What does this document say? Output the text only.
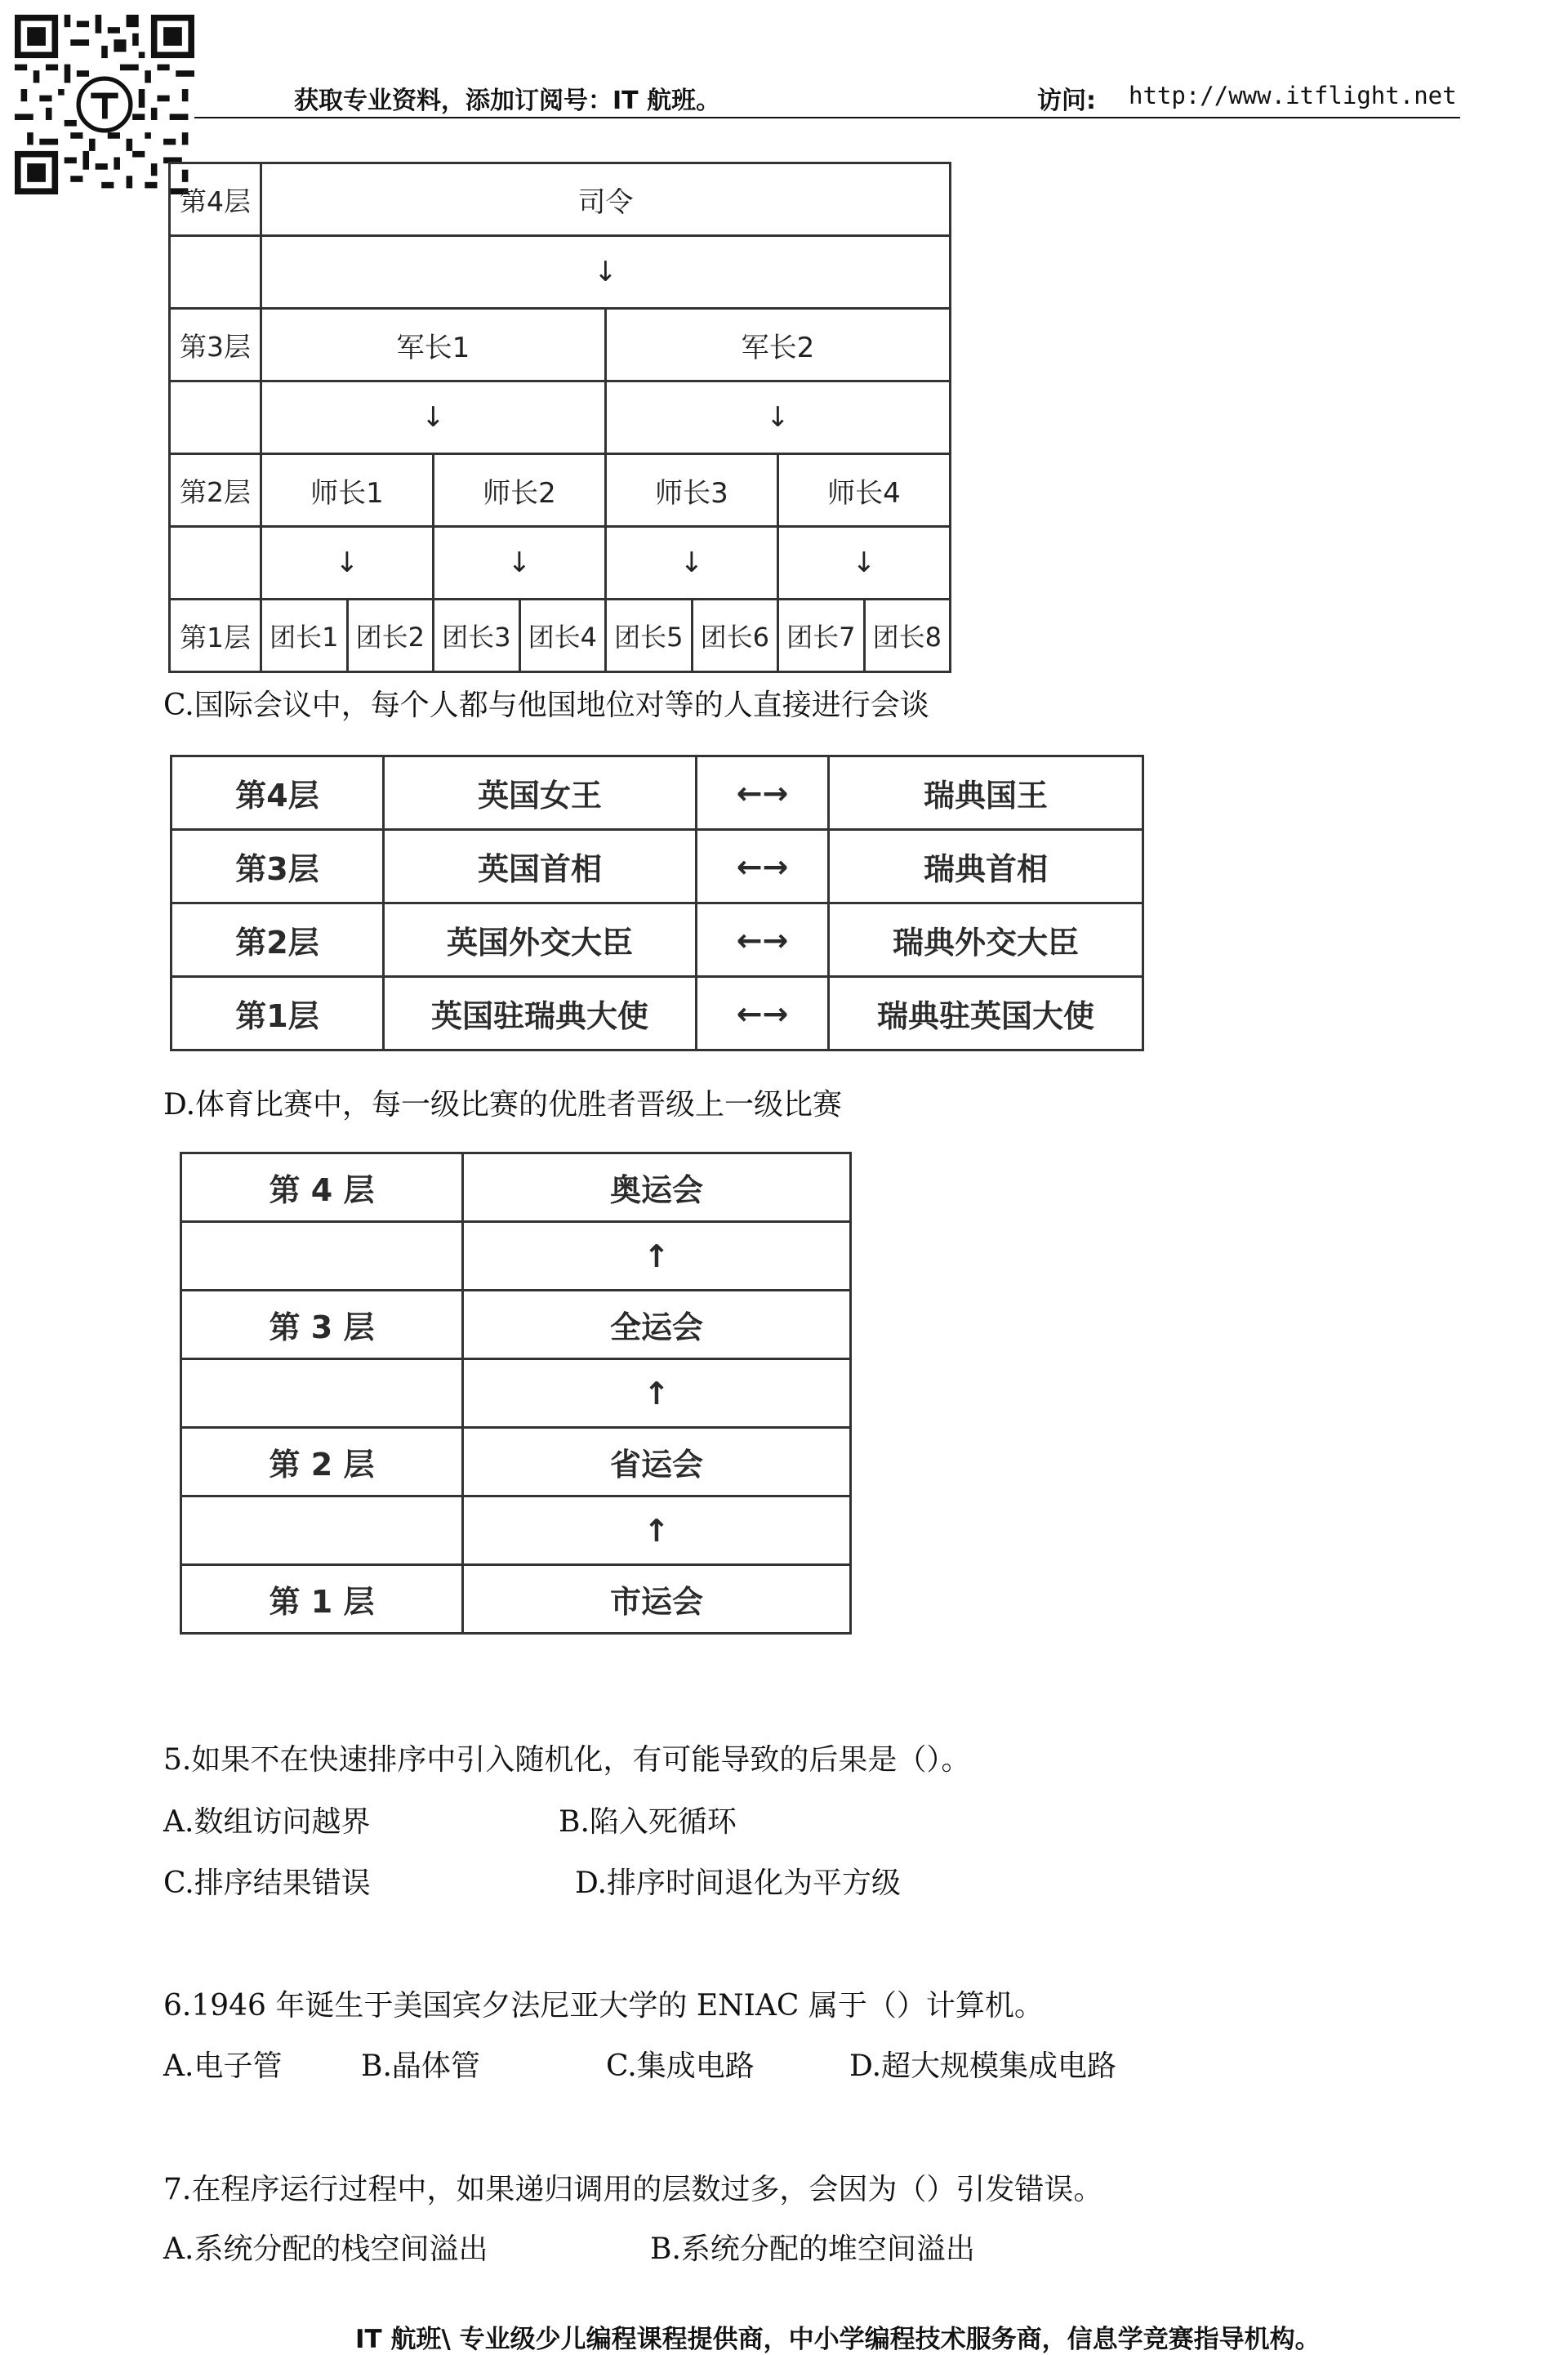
获取专业资料，添加订阅号：IT 航班。	访问: http://www.itflight.net
第4层	司令							
	↓							
第3层	军长1				军长2			
	↓				↓			
第2层	师长1		师长2		师长3		师长4	
	↓		↓		↓		↓	
第1层	团长1	团长2	团长3	团长4	团长5	团长6	团长7	团长8
C.国际会议中，每个人都与他国地位对等的人直接进行会谈
第4层	英国女王	←→	瑞典国王
第3层	英国首相	←→	瑞典首相
第2层	英国外交大臣	←→	瑞典外交大臣
第1层	英国驻瑞典大使	←→	瑞典驻英国大使
D.体育比赛中，每一级比赛的优胜者晋级上一级比赛
第 4 层	奥运会
	↑
第 3 层	全运会
	↑
第 2 层	省运会
	↑
第 1 层	市运会
5.如果不在快速排序中引入随机化，有可能导致的后果是（）。
A.数组访问越界	B.陷入死循环
C.排序结果错误	D.排序时间退化为平方级
6.1946 年诞生于美国宾夕法尼亚大学的 ENIAC 属于（）计算机。
A.电子管	B.晶体管	C.集成电路	D.超大规模集成电路
7.在程序运行过程中，如果递归调用的层数过多，会因为（）引发错误。
A.系统分配的栈空间溢出	B.系统分配的堆空间溢出
IT 航班\ 专业级少儿编程课程提供商，中小学编程技术服务商，信息学竞赛指导机构。
